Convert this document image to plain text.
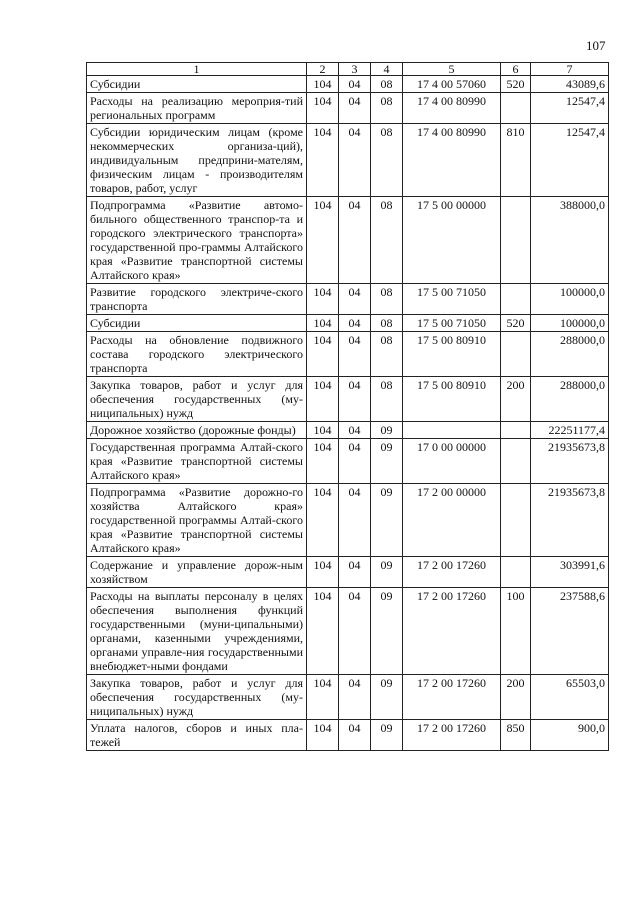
107
1	2	3	4	5	6	7
Субсидии	104	04	08	17 4 00 57060	520	43089,6
Расходы на реализацию мероприя-тий региональных программ	104	04	08	17 4 00 80990		12547,4
Субсидии юридическим лицам (кроме некоммерческих организа-ций), индивидуальным предприни-мателям, физическим лицам - производителям товаров, работ, услуг	104	04	08	17 4 00 80990	810	12547,4
Подпрограмма «Развитие автомо-бильного общественного транспор-та и городского электрического транспорта» государственной про-граммы Алтайского края «Развитие транспортной системы Алтайского края»	104	04	08	17 5 00 00000		388000,0
Развитие городского электриче-ского транспорта	104	04	08	17 5 00 71050		100000,0
Субсидии	104	04	08	17 5 00 71050	520	100000,0
Расходы на обновление подвижного состава городского электрического транспорта	104	04	08	17 5 00 80910		288000,0
Закупка товаров, работ и услуг для обеспечения государственных (му-ниципальных) нужд	104	04	08	17 5 00 80910	200	288000,0
Дорожное хозяйство (дорожные фонды)	104	04	09			22251177,4
Государственная программа Алтай-ского края «Развитие транспортной системы Алтайского края»	104	04	09	17 0 00 00000		21935673,8
Подпрограмма «Развитие дорожно-го хозяйства Алтайского края» государственной программы Алтай-ского края «Развитие транспортной системы Алтайского края»	104	04	09	17 2 00 00000		21935673,8
Содержание и управление дорож-ным хозяйством	104	04	09	17 2 00 17260		303991,6
Расходы на выплаты персоналу в целях обеспечения выполнения функций государственными (муни-ципальными) органами, казенными учреждениями, органами управле-ния государственными внебюджет-ными фондами	104	04	09	17 2 00 17260	100	237588,6
Закупка товаров, работ и услуг для обеспечения государственных (му-ниципальных) нужд	104	04	09	17 2 00 17260	200	65503,0
Уплата налогов, сборов и иных пла-тежей	104	04	09	17 2 00 17260	850	900,0
